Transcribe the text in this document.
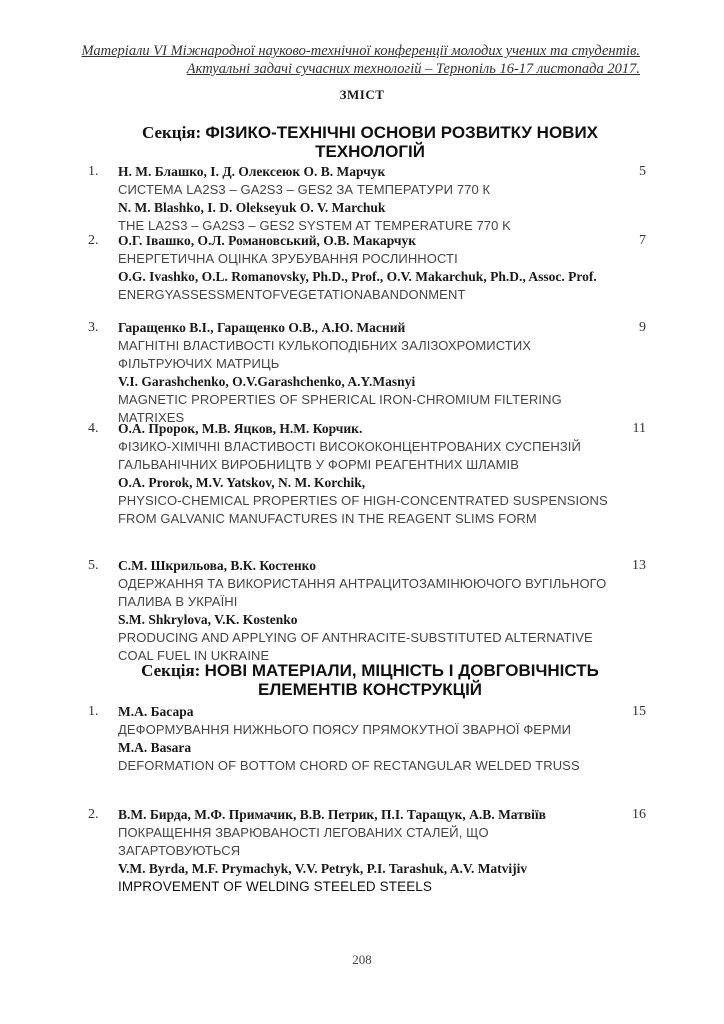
Матеріали VI Міжнародної науково-технічної конференції молодих учених та студентів.
Актуальні задачі сучасних технологій – Тернопіль 16-17 листопада 2017.
ЗМІСТ
Секція: ФІЗИКО-ТЕХНІЧНІ ОСНОВИ РОЗВИТКУ НОВИХ
ТЕХНОЛОГІЙ
1.	5
Н. М. Блашко, І. Д. Олексеюк О. В. Марчук
СИСТЕМА LA2S3 – GA2S3 – GES2 ЗА ТЕМПЕРАТУРИ 770 К
N. M. Blashko, I. D. Olekseyuk O. V. Marchuk
THE LA2S3 – GA2S3 – GES2 SYSTEM AT TEMPERATURE 770 K
2.	7
О.Г. Івашко, О.Л. Романовський, О.В. Макарчук
ЕНЕРГЕТИЧНА ОЦІНКА ЗРУБУВАННЯ РОСЛИННОСТІ
O.G. Ivashko, O.L. Romanovsky, Ph.D., Prof., O.V. Makarchuk, Ph.D., Assoc. Prof.
ENERGYASSESSMENTOFVEGETATIONABANDONMENT
3.	9
Гаращенко В.І., Гаращенко О.В., А.Ю. Масний
МАГНІТНІ ВЛАСТИВОСТІ КУЛЬКОПОДІБНИХ ЗАЛІЗОХРОМИСТИХ ФІЛЬТРУЮЧИХ МАТРИЦЬ
V.I. Garashchenko, O.V.Garashchenko, A.Y.Masnyi
MAGNETIC PROPERTIES OF SPHERICAL IRON-CHROMIUM FILTERING MATRIXES
4.	11
О.А. Пророк, М.В. Яцков, Н.М. Корчик.
ФІЗИКО-ХІМІЧНІ ВЛАСТИВОСТІ ВИСОКОКОНЦЕНТРОВАНИХ СУСПЕНЗІЙ ГАЛЬВАНІЧНИХ ВИРОБНИЦТВ У ФОРМІ РЕАГЕНТНИХ ШЛАМІВ
O.A. Prorok, M.V. Yatskov, N. M. Korchik,
PHYSICO-CHEMICAL PROPERTIES OF HIGH-CONCENTRATED SUSPENSIONS FROM GALVANIC MANUFACTURES IN THE REAGENT SLIMS FORM
5.	13
С.М. Шкрильова, В.К. Костенко
ОДЕРЖАННЯ ТА ВИКОРИСТАННЯ АНТРАЦИТОЗАМІНЮЮЧОГО ВУГІЛЬНОГО ПАЛИВА В УКРАЇНІ
S.M. Shkrylova, V.K. Kostenko
PRODUCING AND APPLYING OF ANTHRACITE-SUBSTITUTED ALTERNATIVE COAL FUEL IN UKRAINE
Секція: НОВІ МАТЕРІАЛИ, МІЦНІСТЬ І ДОВГОВІЧНІСТЬ
ЕЛЕМЕНТІВ КОНСТРУКЦІЙ
1.	15
М.А. Басара
ДЕФОРМУВАННЯ НИЖНЬОГО ПОЯСУ ПРЯМОКУТНОЇ ЗВАРНОЇ ФЕРМИ
M.A. Basara
DEFORMATION OF BOTTOM CHORD OF RECTANGULAR WELDED TRUSS
2.	16
В.М. Бирда, М.Ф. Примачик, В.В. Петрик, П.І. Таращук, А.В. Матвіїв
ПОКРАЩЕННЯ ЗВАРЮВАНОСТІ ЛЕГОВАНИХ СТАЛЕЙ, ЩО ЗАГАРТОВУЮТЬСЯ
V.M. Byrda, M.F. Prymachyk, V.V. Petryk, P.I. Tarashuk, A.V. Matvijiv
IMPROVEMENT OF WELDING STEELED STEELS
208
